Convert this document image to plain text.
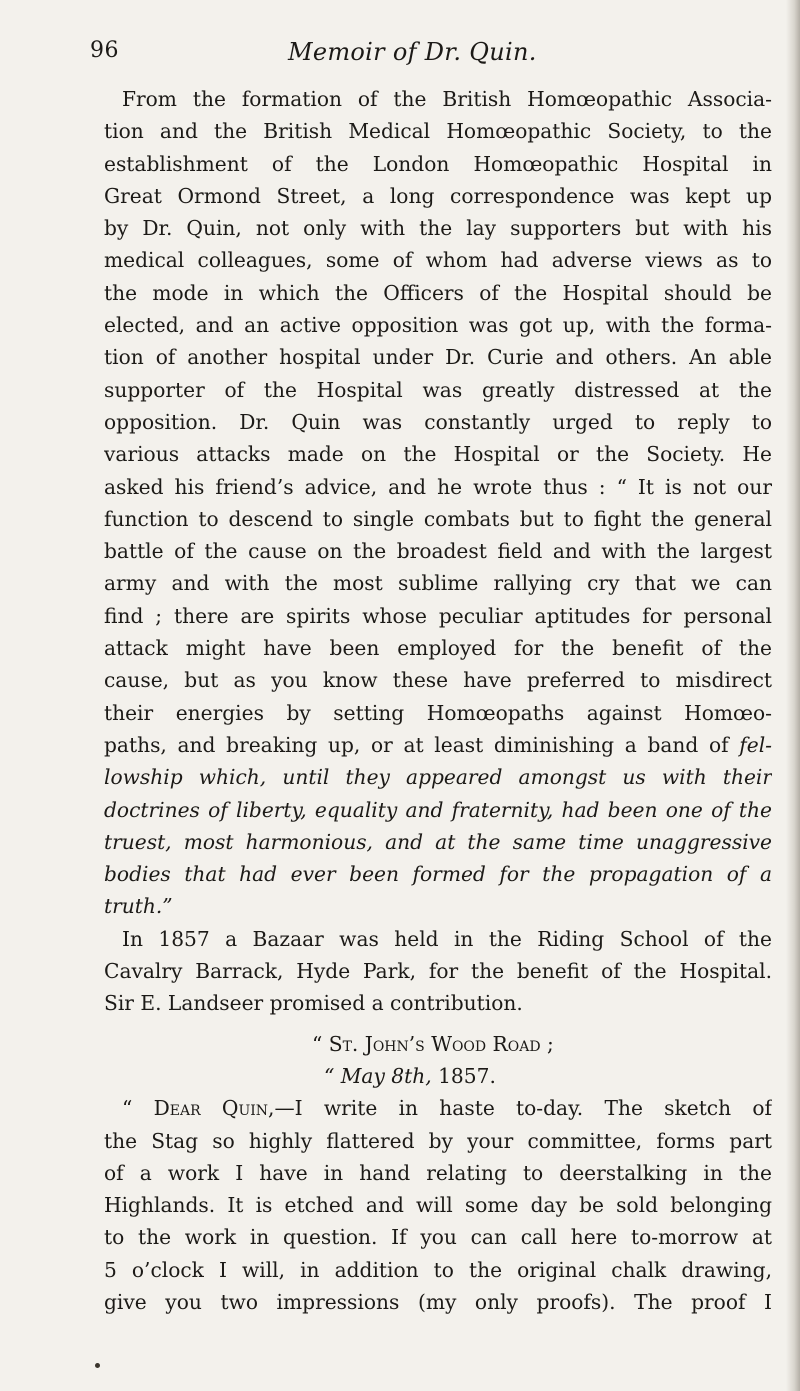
96	Memoir of Dr. Quin.
From the formation of the British Homœopathic Associa-
tion and the British Medical Homœopathic Society, to the
establishment of the London Homœopathic Hospital in
Great Ormond Street, a long correspondence was kept up
by Dr. Quin, not only with the lay supporters but with his
medical colleagues, some of whom had adverse views as to
the mode in which the Officers of the Hospital should be
elected, and an active opposition was got up, with the forma-
tion of another hospital under Dr. Curie and others. An able
supporter of the Hospital was greatly distressed at the
opposition. Dr. Quin was constantly urged to reply to
various attacks made on the Hospital or the Society. He
asked his friend’s advice, and he wrote thus : “ It is not our
function to descend to single combats but to fight the general
battle of the cause on the broadest field and with the largest
army and with the most sublime rallying cry that we can
find ; there are spirits whose peculiar aptitudes for personal
attack might have been employed for the benefit of the
cause, but as you know these have preferred to misdirect
their energies by setting Homœopaths against Homœo-
paths, and breaking up, or at least diminishing a band of fel-
lowship which, until they appeared amongst us with their
doctrines of liberty, equality and fraternity, had been one of the
truest, most harmonious, and at the same time unaggressive
bodies that had ever been formed for the propagation of a
truth.”
In 1857 a Bazaar was held in the Riding School of the
Cavalry Barrack, Hyde Park, for the benefit of the Hospital.
Sir E. Landseer promised a contribution.
“ St. John’s Wood Road ;
“ May 8th, 1857.
“ Dear Quin,—I write in haste to-day. The sketch of
the Stag so highly flattered by your committee, forms part
of a work I have in hand relating to deerstalking in the
Highlands. It is etched and will some day be sold belonging
to the work in question. If you can call here to-morrow at
5 o’clock I will, in addition to the original chalk drawing,
give you two impressions (my only proofs). The proof I
